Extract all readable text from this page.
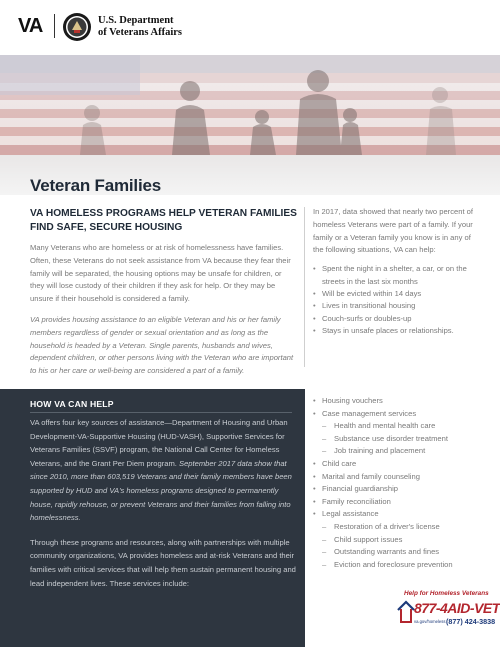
VA	U.S. Department
of Veterans Affairs
Veteran Families
VA HOMELESS PROGRAMS HELP VETERAN FAMILIES FIND SAFE, SECURE HOUSING

Many Veterans who are homeless or at risk of homelessness have families. Often, these Veterans do not seek assistance from VA because they fear their family will be separated, the housing options may be unsafe for children, or they will lose custody of their children if they ask for help. Or they may be unsure if their household is considered a family.

VA provides housing assistance to an eligible Veteran and his or her family members regardless of gender or sexual orientation and as long as the household is headed by a Veteran. Single parents, husbands and wives, dependent children, or other persons living with the Veteran who are important to his or her care or well-being are considered a part of a family.

In 2017, data showed that nearly two percent of homeless Veterans were part of a family. If your family or a Veteran family you know is in any of the following situations, VA can help:

• Spent the night in a shelter, a car, or on the streets in the last six months
• Will be evicted within 14 days
• Lives in transitional housing
• Couch-surfs or doubles-up
• Stays in unsafe places or relationships.
HOW VA CAN HELP

VA offers four key sources of assistance—Department of Housing and Urban Development-VA-Supportive Housing (HUD-VASH), Supportive Services for Veterans Families (SSVF) program, the National Call Center for Homeless Veterans, and the Grant Per Diem program. September 2017 data show that since 2010, more than 603,519 Veterans and their family members have been supported by HUD and VA's homeless programs designed to permanently house, rapidly rehouse, or prevent Veterans and their families from falling into homelessness.

Through these programs and resources, along with partnerships with multiple community organizations, VA provides homeless and at-risk Veterans and their families with critical services that will help them sustain permanent housing and lead independent lives. These services include:

• Housing vouchers
• Case management services
– Health and mental health care
– Substance use disorder treatment
– Job training and placement
• Child care
• Marital and family counseling
• Financial guardianship
• Family reconciliation
• Legal assistance
– Restoration of a driver's license
– Child support issues
– Outstanding warrants and fines
– Eviction and foreclosure prevention
Help for Homeless Veterans
877-4AID-VET
va.gov/homeless (877) 424-3838
